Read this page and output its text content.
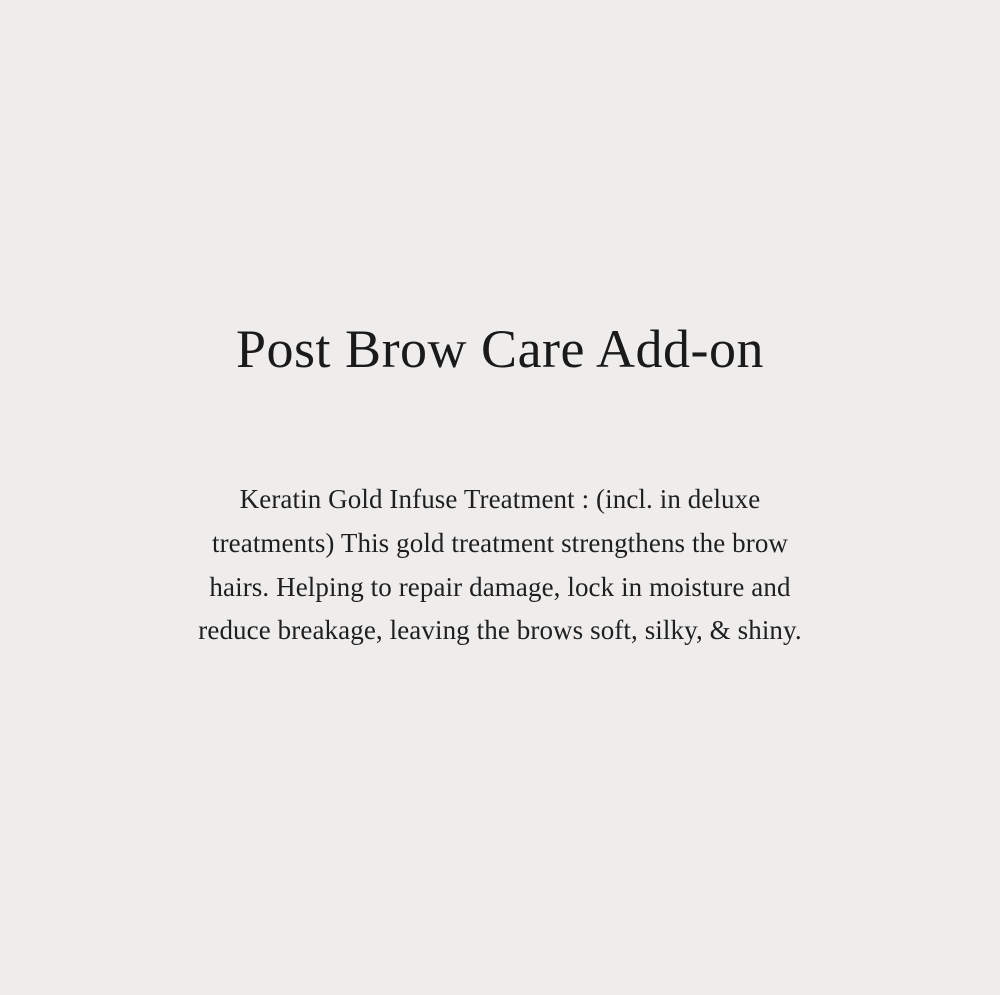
Post Brow Care Add-on

Keratin Gold Infuse Treatment : (incl. in deluxe treatments) This gold treatment strengthens the brow hairs. Helping to repair damage, lock in moisture and reduce breakage, leaving the brows soft, silky, & shiny.
